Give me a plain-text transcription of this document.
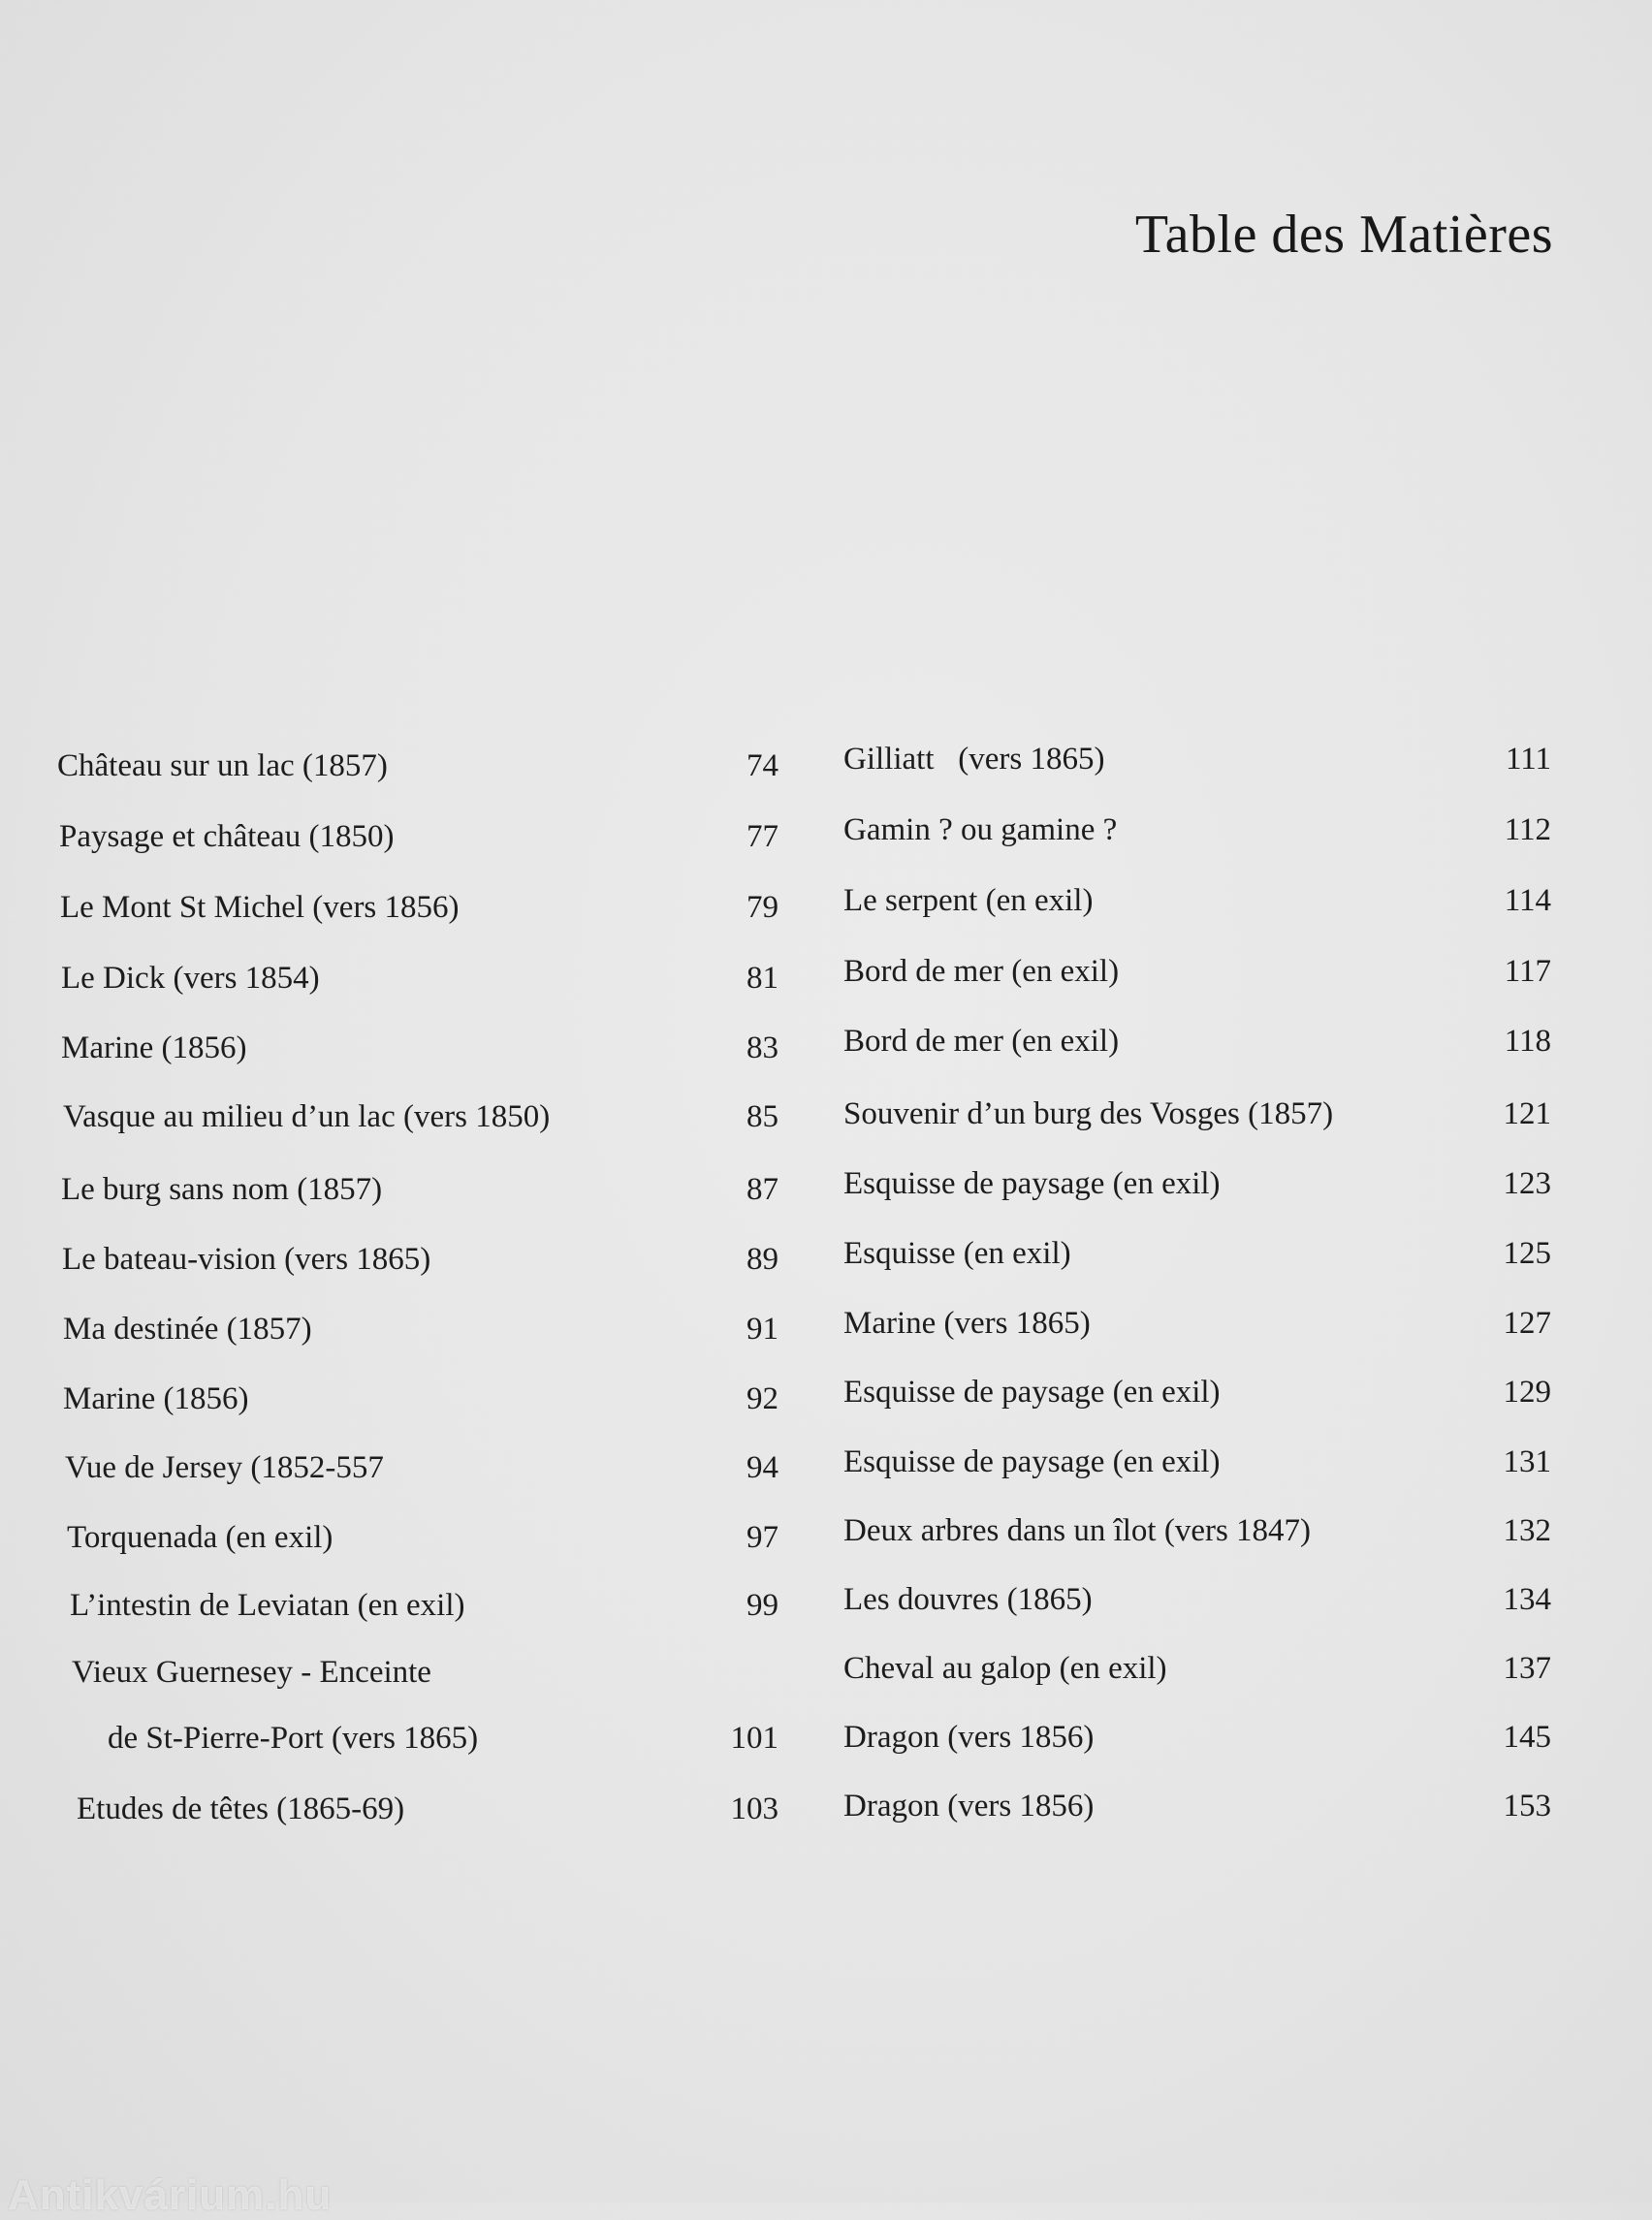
Table des Matières
Château sur un lac (1857)	74
Paysage et château (1850)	77
Le Mont St Michel (vers 1856)	79
Le Dick (vers 1854)	81
Marine (1856)	83
Vasque au milieu d’un lac (vers 1850)	85
Le burg sans nom (1857)	87
Le bateau-vision (vers 1865)	89
Ma destinée (1857)	91
Marine (1856)	92
Vue de Jersey (1852-557	94
Torquenada (en exil)	97
L’intestin de Leviatan (en exil)	99
Vieux Guernesey - Enceinte
de St-Pierre-Port (vers 1865)	101
Etudes de têtes (1865-69)	103
Gilliatt   (vers 1865)	111
Gamin ? ou gamine ?	112
Le serpent (en exil)	114
Bord de mer (en exil)	117
Bord de mer (en exil)	118
Souvenir d’un burg des Vosges (1857)	121
Esquisse de paysage (en exil)	123
Esquisse (en exil)	125
Marine (vers 1865)	127
Esquisse de paysage (en exil)	129
Esquisse de paysage (en exil)	131
Deux arbres dans un îlot (vers 1847)	132
Les douvres (1865)	134
Cheval au galop (en exil)	137
Dragon (vers 1856)	145
Dragon (vers 1856)	153
Antikvárium.hu
